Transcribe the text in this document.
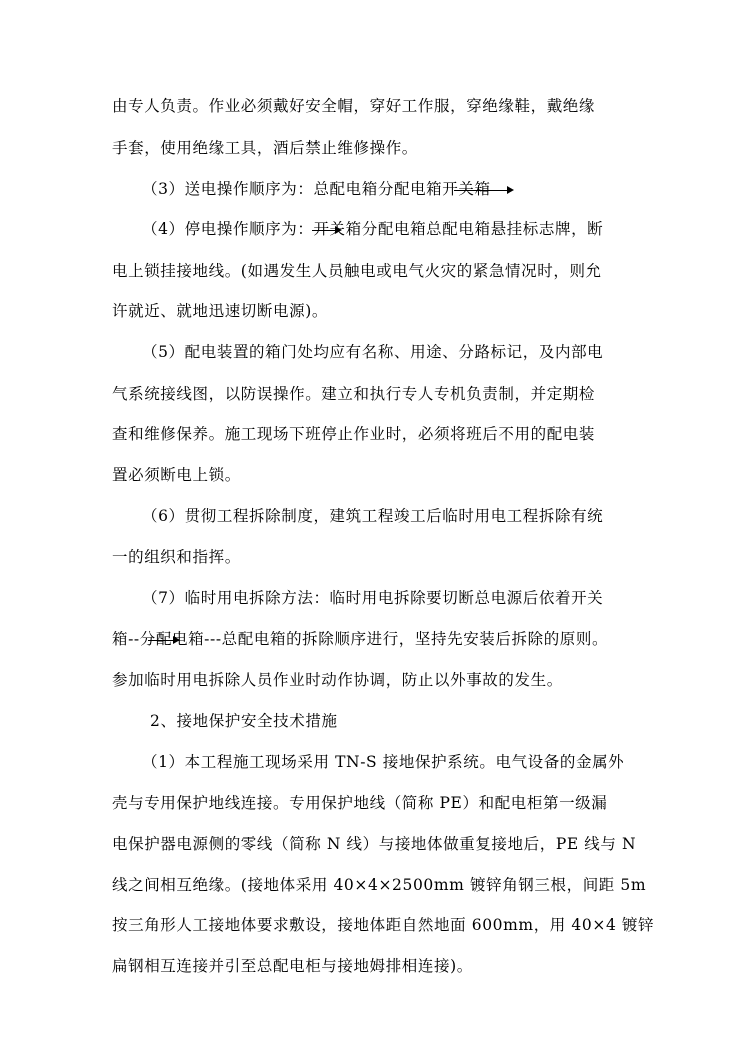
由专人负责。作业必须戴好安全帽，穿好工作服，穿绝缘鞋，戴绝缘
手套，使用绝缘工具，酒后禁止维修操作。
（3）送电操作顺序为：总配电箱分配电箱开关箱
（4）停电操作顺序为：开关箱分配电箱总配电箱悬挂标志牌，断
电上锁挂接地线。(如遇发生人员触电或电气火灾的紧急情况时，则允
许就近、就地迅速切断电源)。
（5）配电装置的箱门处均应有名称、用途、分路标记，及内部电
气系统接线图，以防误操作。建立和执行专人专机负责制，并定期检
查和维修保养。施工现场下班停止作业时，必须将班后不用的配电装
置必须断电上锁。
（6）贯彻工程拆除制度，建筑工程竣工后临时用电工程拆除有统
一的组织和指挥。
（7）临时用电拆除方法：临时用电拆除要切断总电源后依着开关
箱--分配电箱---总配电箱的拆除顺序进行，坚持先安装后拆除的原则。
参加临时用电拆除人员作业时动作协调，防止以外事故的发生。
2、接地保护安全技术措施
（1）本工程施工现场采用 TN-S 接地保护系统。电气设备的金属外
壳与专用保护地线连接。专用保护地线（简称 PE）和配电柜第一级漏
电保护器电源侧的零线（简称 N 线）与接地体做重复接地后，PE 线与 N
线之间相互绝缘。(接地体采用 40×4×2500mm 镀锌角钢三根，间距 5m
按三角形人工接地体要求敷设，接地体距自然地面 600mm，用 40×4 镀锌
扁钢相互连接并引至总配电柜与接地姆排相连接)。
